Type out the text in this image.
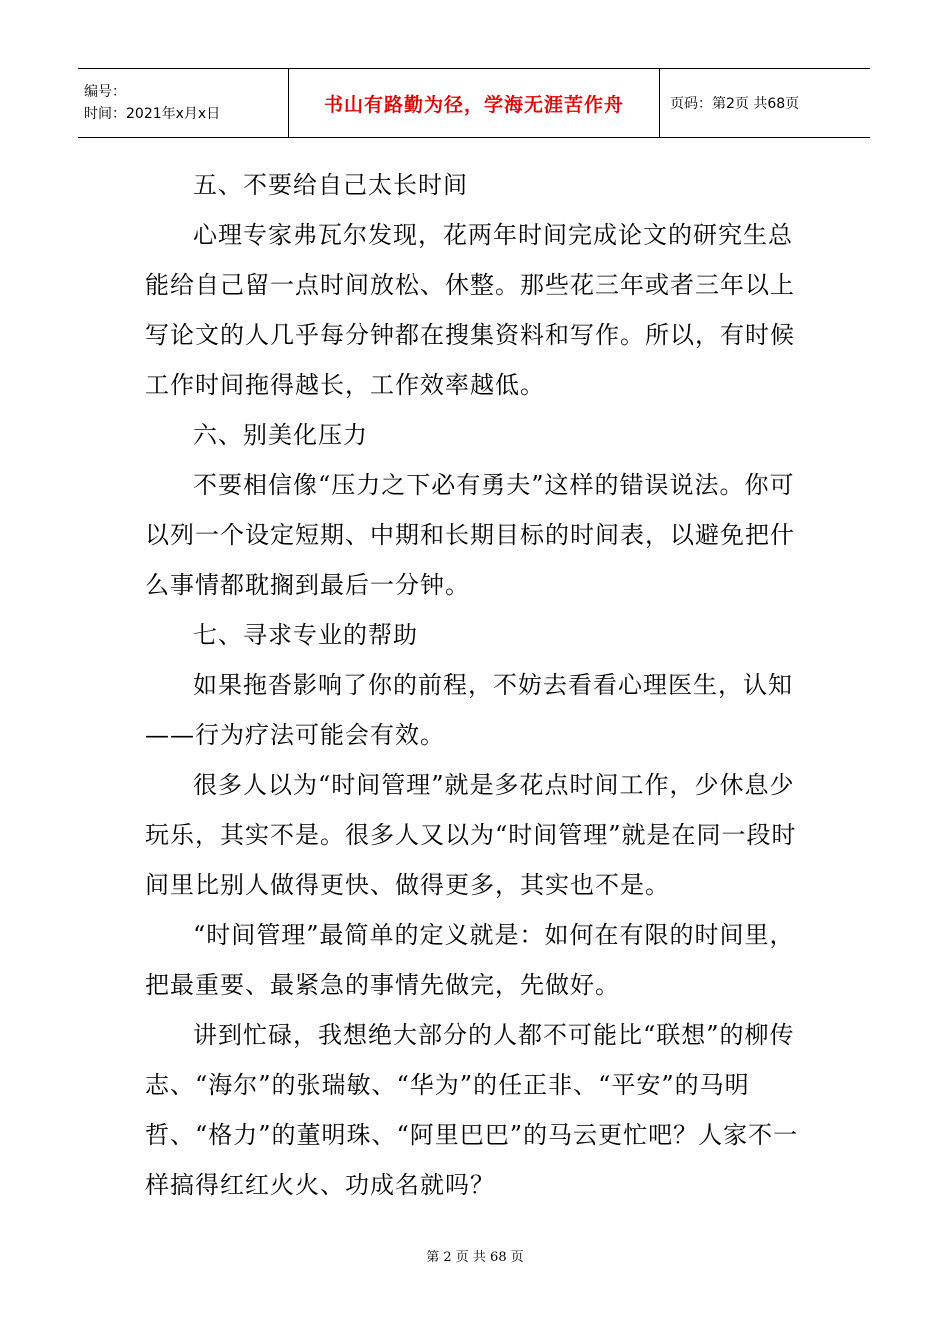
编号：
时间：2021年x月x日	书山有路勤为径，学海无涯苦作舟	页码：第2页 共68页

五、不要给自己太长时间

心理专家弗瓦尔发现，花两年时间完成论文的研究生总能给自己留一点时间放松、休整。那些花三年或者三年以上写论文的人几乎每分钟都在搜集资料和写作。所以，有时候工作时间拖得越长，工作效率越低。

六、别美化压力

不要相信像“压力之下必有勇夫”这样的错误说法。你可以列一个设定短期、中期和长期目标的时间表，以避免把什么事情都耽搁到最后一分钟。

七、寻求专业的帮助

如果拖沓影响了你的前程，不妨去看看心理医生，认知——行为疗法可能会有效。

很多人以为“时间管理”就是多花点时间工作，少休息少玩乐，其实不是。很多人又以为“时间管理”就是在同一段时间里比别人做得更快、做得更多，其实也不是。

“时间管理”最简单的定义就是：如何在有限的时间里，把最重要、最紧急的事情先做完，先做好。

讲到忙碌，我想绝大部分的人都不可能比“联想”的柳传志、“海尔”的张瑞敏、“华为”的任正非、“平安”的马明哲、“格力”的董明珠、“阿里巴巴”的马云更忙吧？人家不一样搞得红红火火、功成名就吗？

第 2 页 共 68 页
